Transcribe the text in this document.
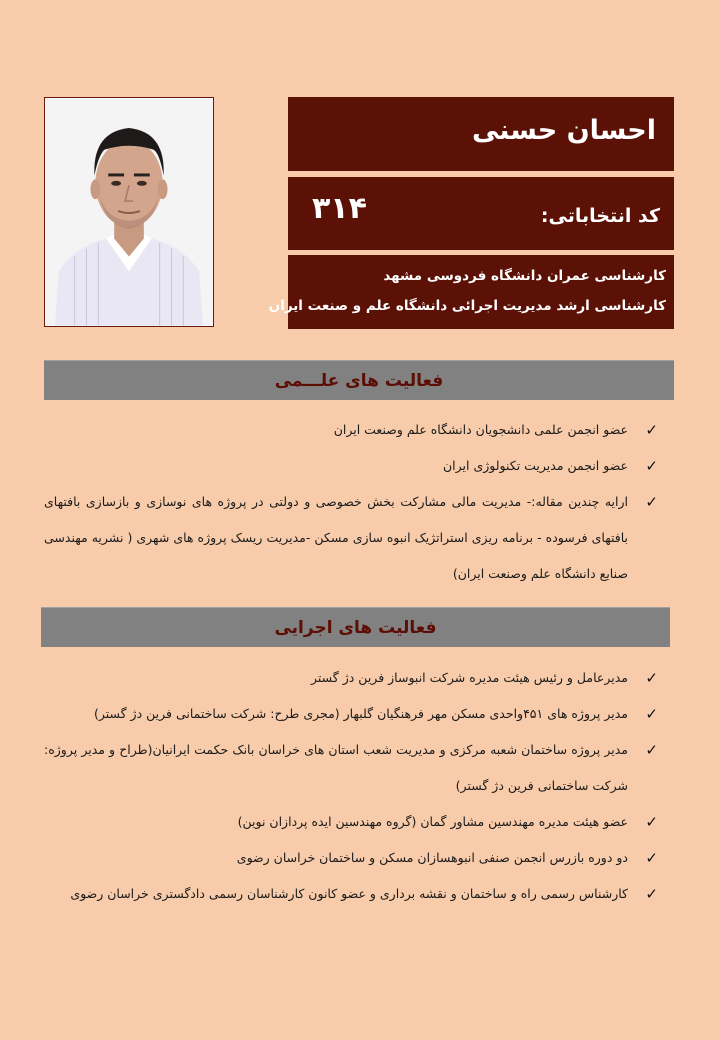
احسان حسنی
کد انتخاباتی:
۳۱۴
کارشناسی عمران دانشگاه فردوسی مشهد
کارشناسی ارشد مدیریت اجرائی دانشگاه علم و صنعت ایران
فعالیت های علـــمی
✓
عضو انجمن علمی دانشجویان دانشگاه علم وصنعت ایران
✓
عضو انجمن مدیریت تکنولوژی ایران
✓
ارایه چندین مقاله:- مدیریت مالی مشارکت بخش خصوصی و دولتی در پروژه های نوسازی و بازسازی بافتهای بافتهای فرسوده - برنامه ریزی استراتژیک انبوه سازی مسکن -مدیریت ریسک پروژه های شهری ( نشریه مهندسی صنایع دانشگاه علم وصنعت ایران)
فعالیت های اجرایی
✓
مدیرعامل و رئیس هیئت مدیره شرکت انبوساز فرین دژ گستر
✓
مدیر پروژه های ۴۵۱واحدی مسکن مهر فرهنگیان گلبهار (مجری طرح: شرکت ساختمانی فرین دژ گستر)
✓
مدیر پروژه ساختمان شعبه مرکزی و مدیریت شعب استان های خراسان بانک حکمت ایرانیان(طراح و مدیر پروژه: شرکت ساختمانی فرین دژ گستر)
✓
عضو هیئت مدیره مهندسین مشاور گمان (گروه مهندسین ایده پردازان نوین)
✓
دو دوره بازرس انجمن صنفی انبوهسازان مسکن و ساختمان خراسان رضوی
✓
کارشناس رسمی راه و ساختمان و نقشه برداری و عضو کانون کارشناسان رسمی دادگستری خراسان رضوی
